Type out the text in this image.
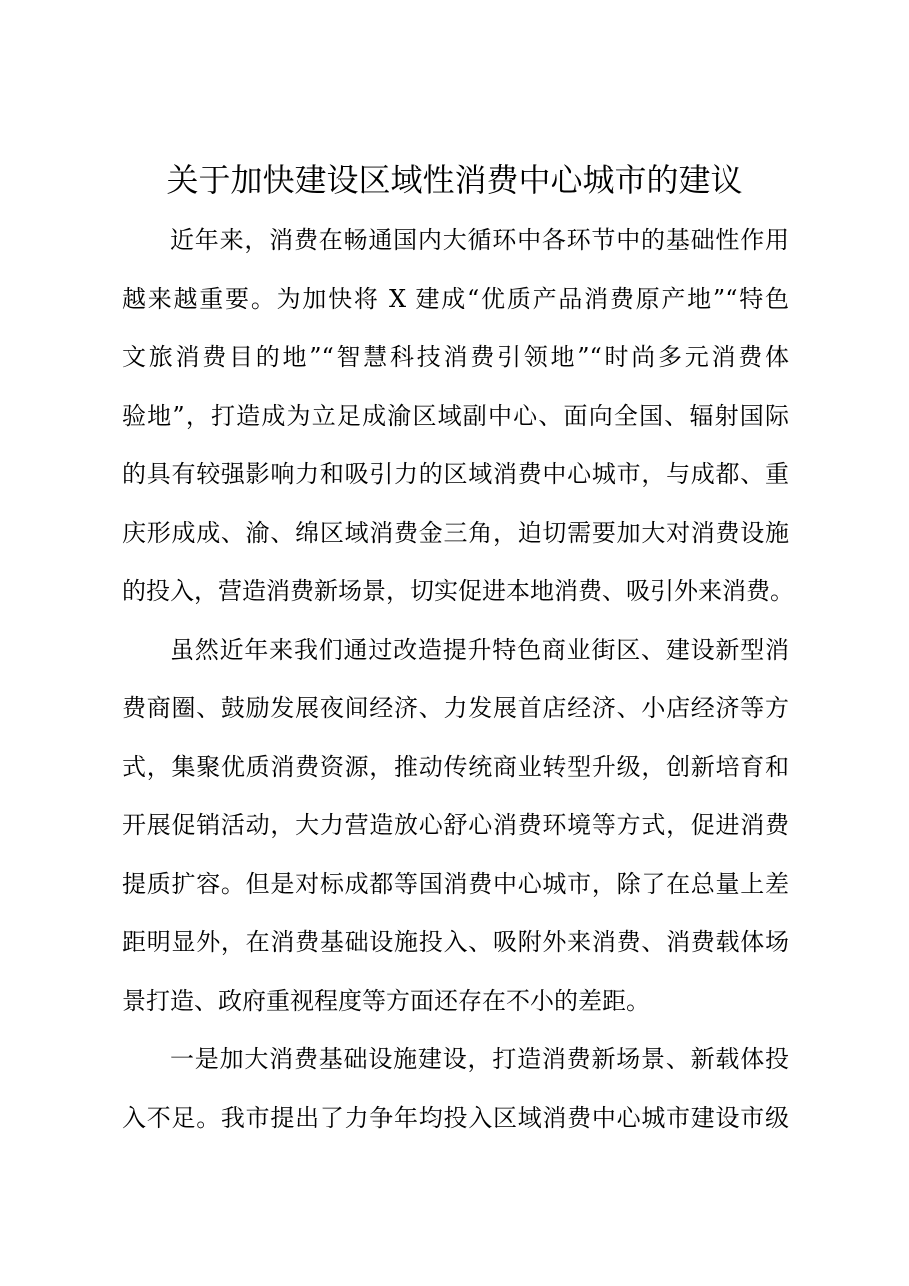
关于加快建设区域性消费中心城市的建议

近年来，消费在畅通国内大循环中各环节中的基础性作用
越来越重要。为加快将 X 建成“优质产品消费原产地”“特色
文旅消费目的地”“智慧科技消费引领地”“时尚多元消费体
验地”，打造成为立足成渝区域副中心、面向全国、辐射国际
的具有较强影响力和吸引力的区域消费中心城市，与成都、重
庆形成成、渝、绵区域消费金三角，迫切需要加大对消费设施
的投入，营造消费新场景，切实促进本地消费、吸引外来消费。

虽然近年来我们通过改造提升特色商业街区、建设新型消
费商圈、鼓励发展夜间经济、力发展首店经济、小店经济等方
式，集聚优质消费资源，推动传统商业转型升级，创新培育和
开展促销活动，大力营造放心舒心消费环境等方式，促进消费
提质扩容。但是对标成都等国消费中心城市，除了在总量上差
距明显外，在消费基础设施投入、吸附外来消费、消费载体场
景打造、政府重视程度等方面还存在不小的差距。

一是加大消费基础设施建设，打造消费新场景、新载体投
入不足。我市提出了力争年均投入区域消费中心城市建设市级
